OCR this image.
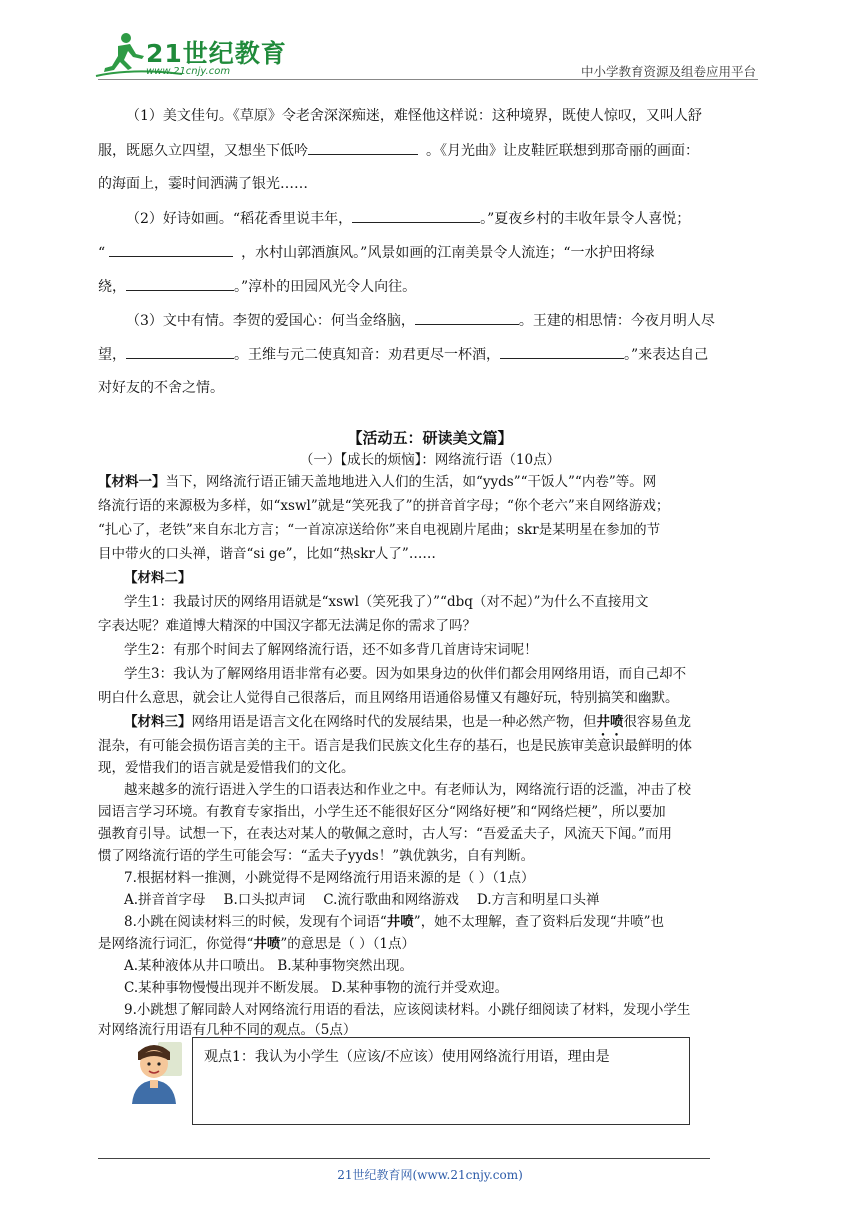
21世纪教育
www.21cnjy.com	中小学教育资源及组卷应用平台
（1）美文佳句。《草原》令老舍深深痴迷，难怪他这样说：这种境界，既使人惊叹，又叫人舒
服，既愿久立四望，又想坐下低吟	。《月光曲》让皮鞋匠联想到那奇丽的画面：
的海面上，霎时间洒满了银光……
（2）好诗如画。“稻花香里说丰年，	。”夏夜乡村的丰收年景令人喜悦；
“	，水村山郭酒旗风。”风景如画的江南美景令人流连；“一水护田将绿
绕，	。”淳朴的田园风光令人向往。
（3）文中有情。李贺的爱国心：何当金络脑，	。王建的相思情：今夜月明人尽
望，	。王维与元二使真知音：劝君更尽一杯酒，	。”来表达自己
对好友的不舍之情。
【活动五：研读美文篇】
（一）【成长的烦恼】：网络流行语（10点）
【材料一】当下，网络流行语正铺天盖地地进入人们的生活，如“yyds”“干饭人”“内卷”等。网
络流行语的来源极为多样，如“xswl”就是“笑死我了”的拼音首字母；“你个老六”来自网络游戏；
“扎心了，老铁”来自东北方言；“一首凉凉送给你”来自电视剧片尾曲；skr是某明星在参加的节
目中带火的口头禅，谐音“si ge”，比如“热skr人了”……
【材料二】
学生1：我最讨厌的网络用语就是“xswl（笑死我了）”“dbq（对不起）”为什么不直接用文
字表达呢？难道博大精深的中国汉字都无法满足你的需求了吗？
学生2：有那个时间去了解网络流行语，还不如多背几首唐诗宋词呢！
学生3：我认为了解网络用语非常有必要。因为如果身边的伙伴们都会用网络用语，而自己却不
明白什么意思，就会让人觉得自己很落后，而且网络用语通俗易懂又有趣好玩，特别搞笑和幽默。
【材料三】网络用语是语言文化在网络时代的发展结果，也是一种必然产物，但井喷很容易鱼龙
混杂，有可能会损伤语言美的主干。语言是我们民族文化生存的基石，也是民族审美意识最鲜明的体
现，爱惜我们的语言就是爱惜我们的文化。
越来越多的流行语进入学生的口语表达和作业之中。有老师认为，网络流行语的泛滥，冲击了校
园语言学习环境。有教育专家指出，小学生还不能很好区分“网络好梗”和“网络烂梗”，所以要加
强教育引导。试想一下，在表达对某人的敬佩之意时，古人写：“吾爱孟夫子，风流天下闻。”而用
惯了网络流行语的学生可能会写：“孟夫子yyds！”孰优孰劣，自有判断。
7.根据材料一推测，小跳觉得不是网络流行用语来源的是（ ）（1点）
A.拼音首字母 B.口头拟声词 C.流行歌曲和网络游戏 D.方言和明星口头禅
8.小跳在阅读材料三的时候，发现有个词语“井喷”，她不太理解，查了资料后发现“井喷”也
是网络流行词汇，你觉得“井喷”的意思是（ ）（1点）
A.某种液体从井口喷出。 B.某种事物突然出现。
C.某种事物慢慢出现并不断发展。 D.某种事物的流行并受欢迎。
9.小跳想了解同龄人对网络流行用语的看法，应该阅读材料。小跳仔细阅读了材料，发现小学生
观点1：我认为小学生（应该/不应该）使用网络流行用语，理由是
21世纪教育网(www.21cnjy.com)
对网络流行用语有几种不同的观点。（5点）
